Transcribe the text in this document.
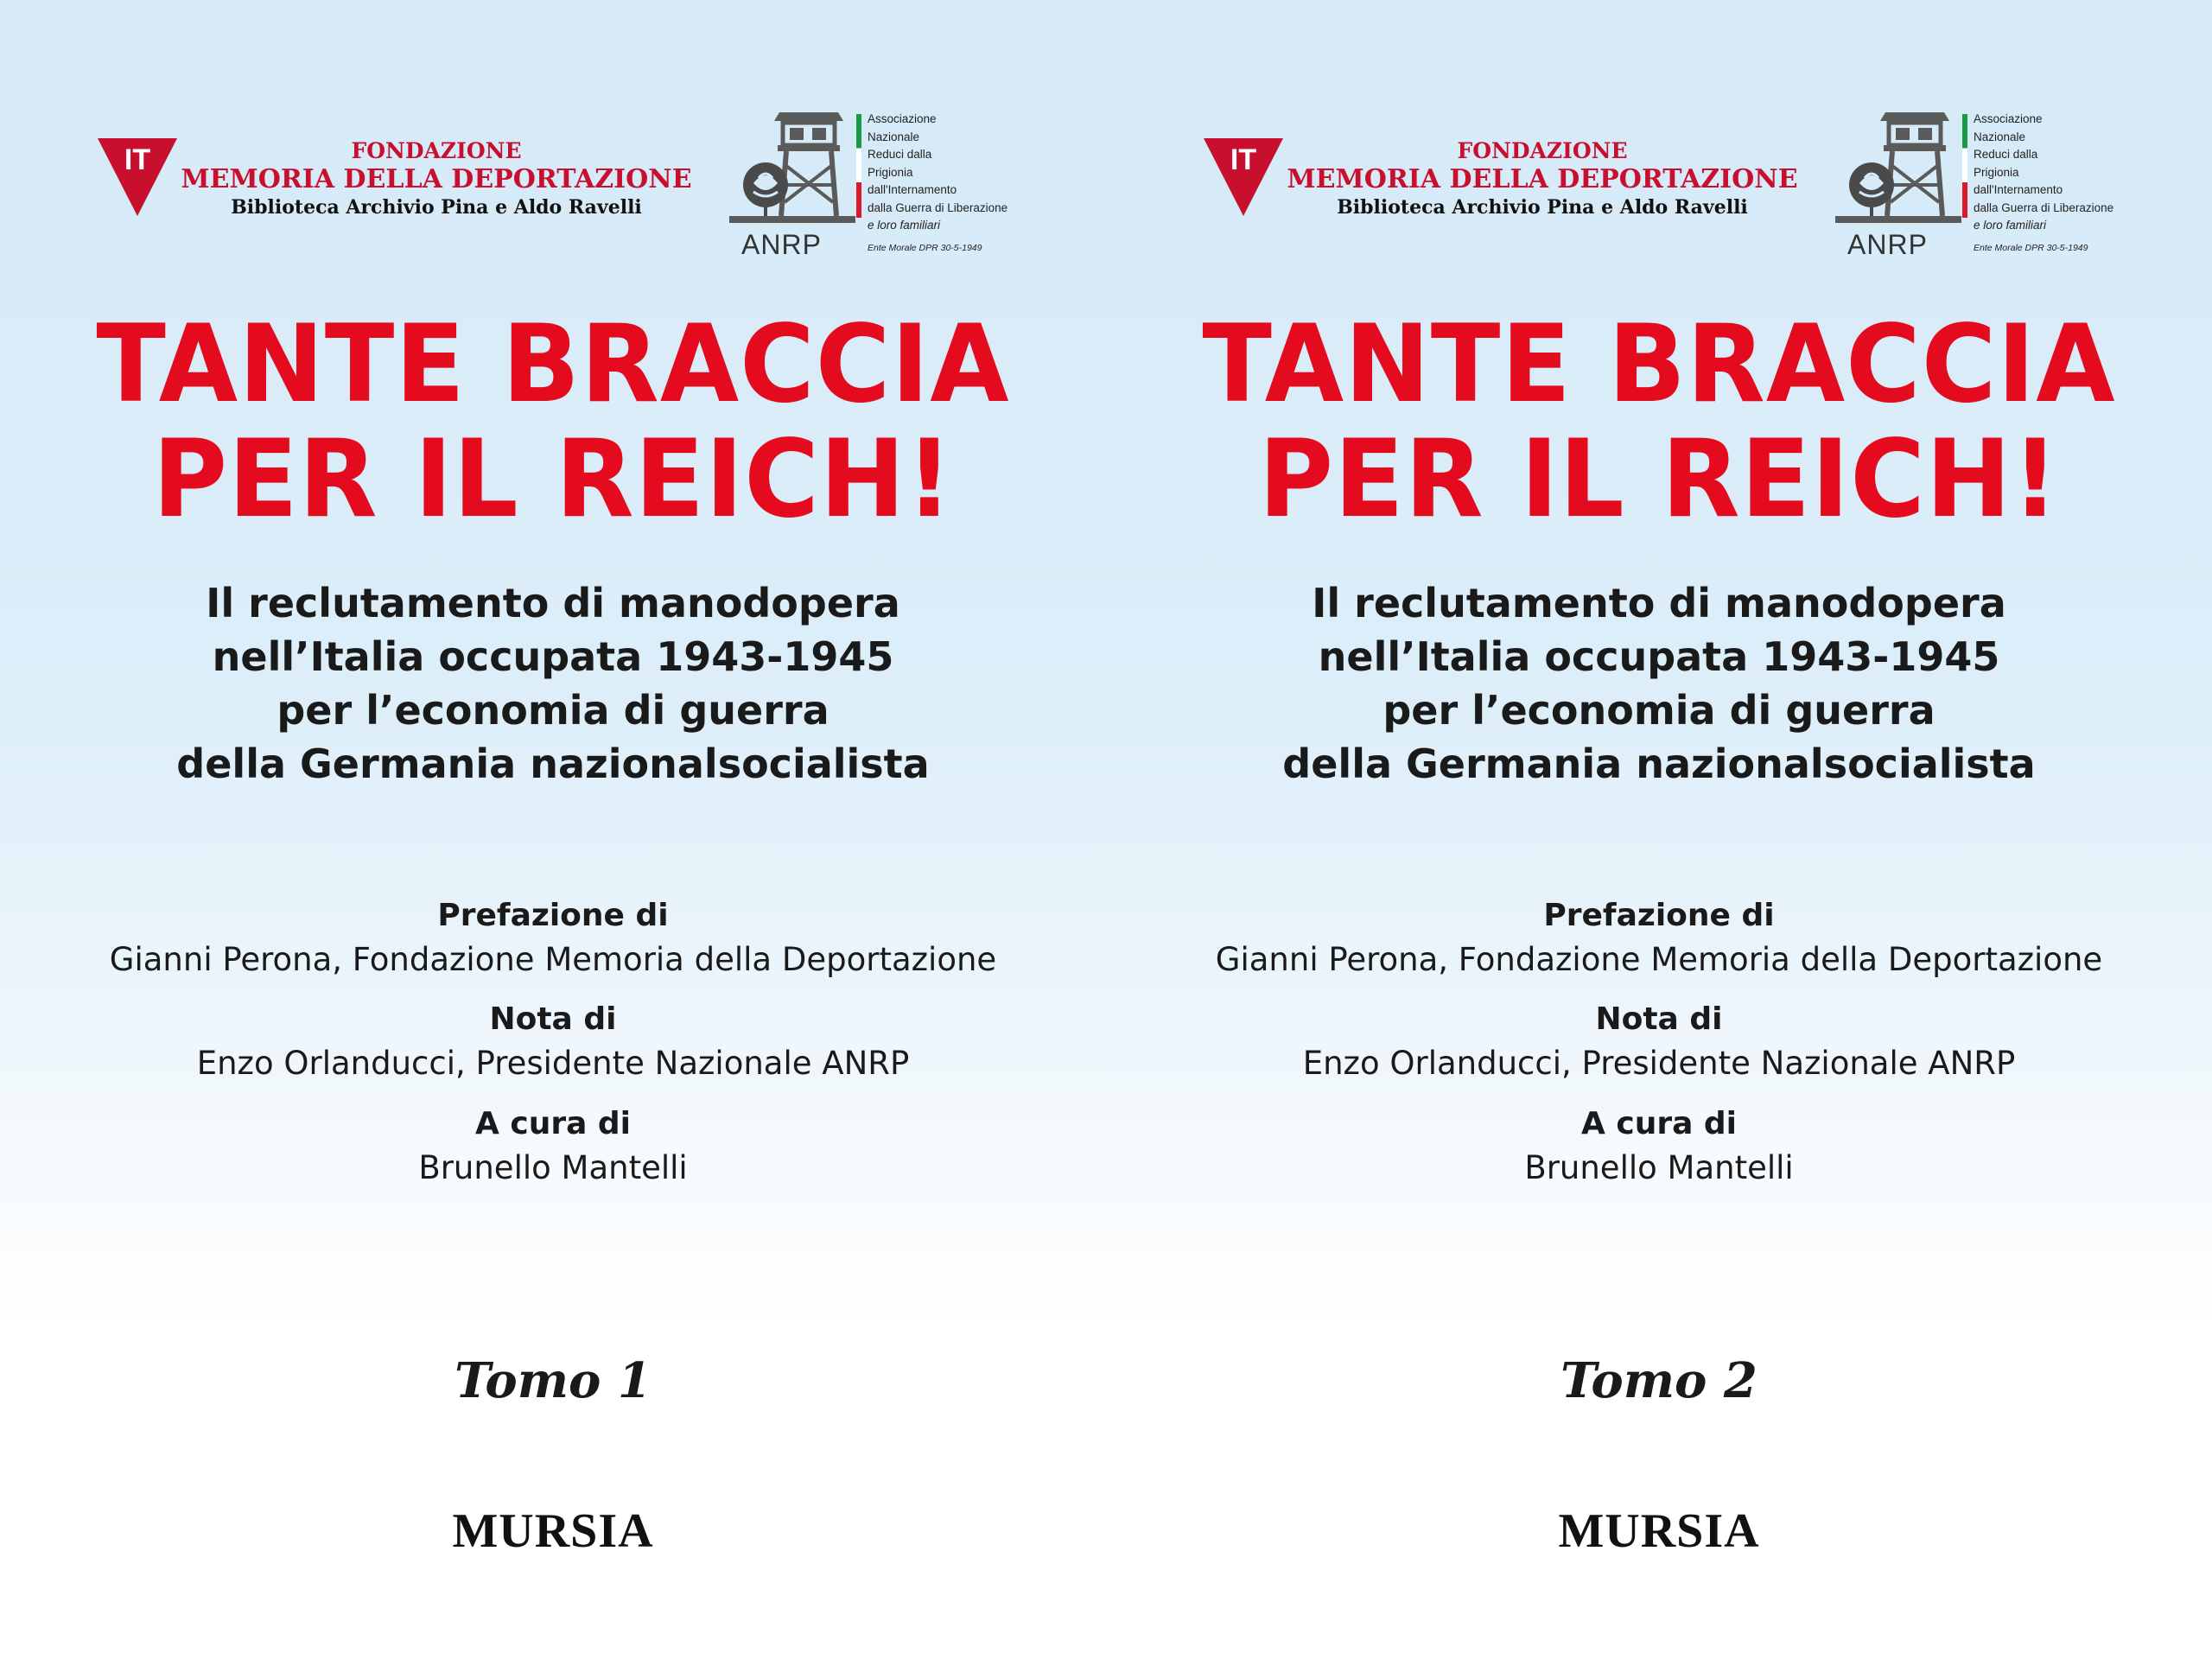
IT	FONDAZIONE
MEMORIA DELLA DEPORTAZIONE
Biblioteca Archivio Pina e Aldo Ravelli
ANRP
Associazione
Nazionale
Reduci dalla
Prigionia
dall'Internamento
dalla Guerra di Liberazione
e loro familiari
Ente Morale DPR 30-5-1949
TANTE BRACCIA
PER IL REICH!
Il reclutamento di manodopera
nell’Italia occupata 1943-1945
per l’economia di guerra
della Germania nazionalsocialista
Prefazione di
Gianni Perona, Fondazione Memoria della Deportazione
Nota di
Enzo Orlanducci, Presidente Nazionale ANRP
A cura di
Brunello Mantelli
Tomo 1
MURSIA
IT	FONDAZIONE
MEMORIA DELLA DEPORTAZIONE
Biblioteca Archivio Pina e Aldo Ravelli
ANRP
Associazione
Nazionale
Reduci dalla
Prigionia
dall'Internamento
dalla Guerra di Liberazione
e loro familiari
Ente Morale DPR 30-5-1949
TANTE BRACCIA
PER IL REICH!
Il reclutamento di manodopera
nell’Italia occupata 1943-1945
per l’economia di guerra
della Germania nazionalsocialista
Prefazione di
Gianni Perona, Fondazione Memoria della Deportazione
Nota di
Enzo Orlanducci, Presidente Nazionale ANRP
A cura di
Brunello Mantelli
Tomo 2
MURSIA
